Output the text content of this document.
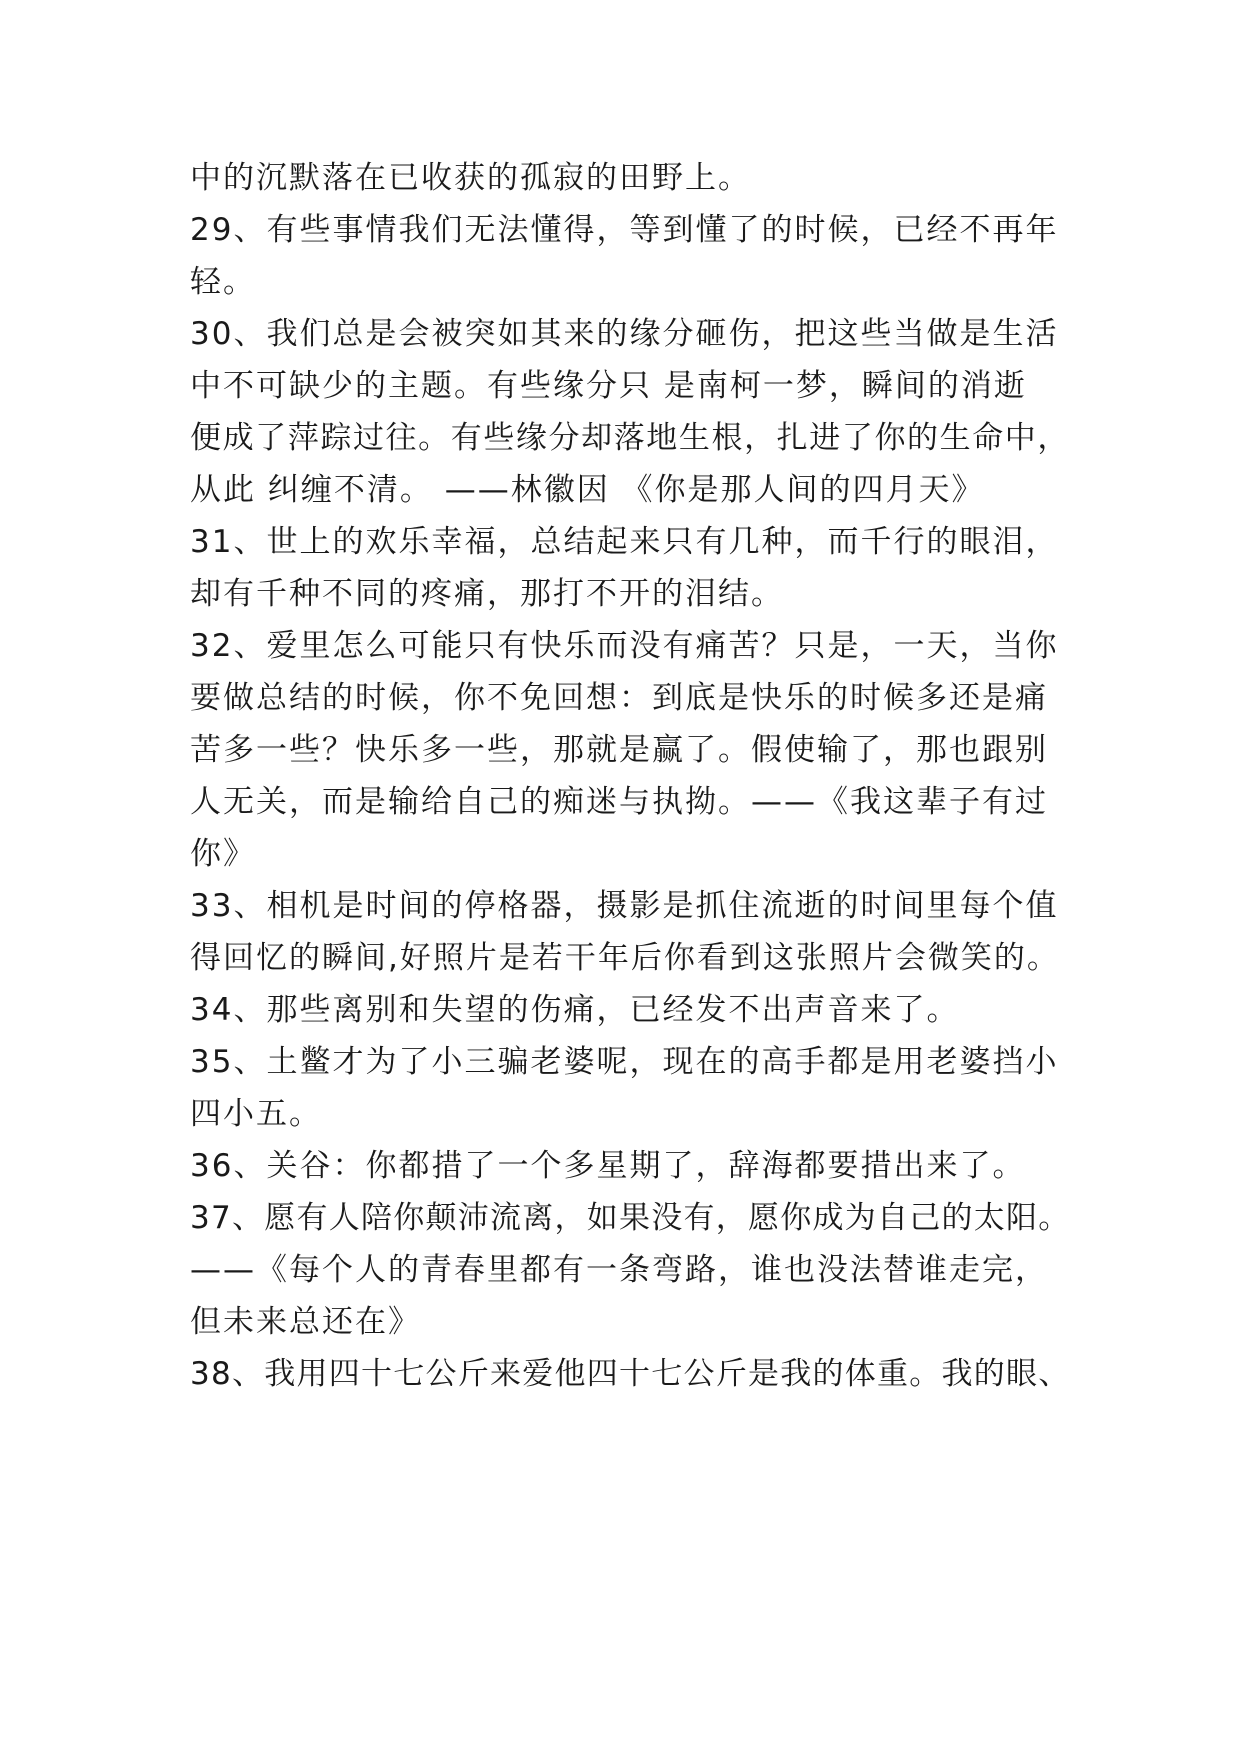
中的沉默落在已收获的孤寂的田野上。
29、有些事情我们无法懂得，等到懂了的时候，已经不再年
轻。
30、我们总是会被突如其来的缘分砸伤，把这些当做是生活
中不可缺少的主题。有些缘分只 是南柯一梦，瞬间的消逝
便成了萍踪过往。有些缘分却落地生根，扎进了你的生命中，
从此 纠缠不清。 ——林徽因 《你是那人间的四月天》
31、世上的欢乐幸福，总结起来只有几种，而千行的眼泪，
却有千种不同的疼痛，那打不开的泪结。
32、爱里怎么可能只有快乐而没有痛苦？只是，一天，当你
要做总结的时候，你不免回想：到底是快乐的时候多还是痛
苦多一些？快乐多一些，那就是赢了。假使输了，那也跟别
人无关，而是输给自己的痴迷与执拗。——《我这辈子有过
你》
33、相机是时间的停格器，摄影是抓住流逝的时间里每个值
得回忆的瞬间,好照片是若干年后你看到这张照片会微笑的。
34、那些离别和失望的伤痛，已经发不出声音来了。
35、土鳖才为了小三骗老婆呢，现在的高手都是用老婆挡小
四小五。
36、关谷：你都措了一个多星期了，辞海都要措出来了。
37、愿有人陪你颠沛流离，如果没有，愿你成为自己的太阳。
——《每个人的青春里都有一条弯路，谁也没法替谁走完，
但未来总还在》
38、我用四十七公斤来爱他四十七公斤是我的体重。我的眼、
